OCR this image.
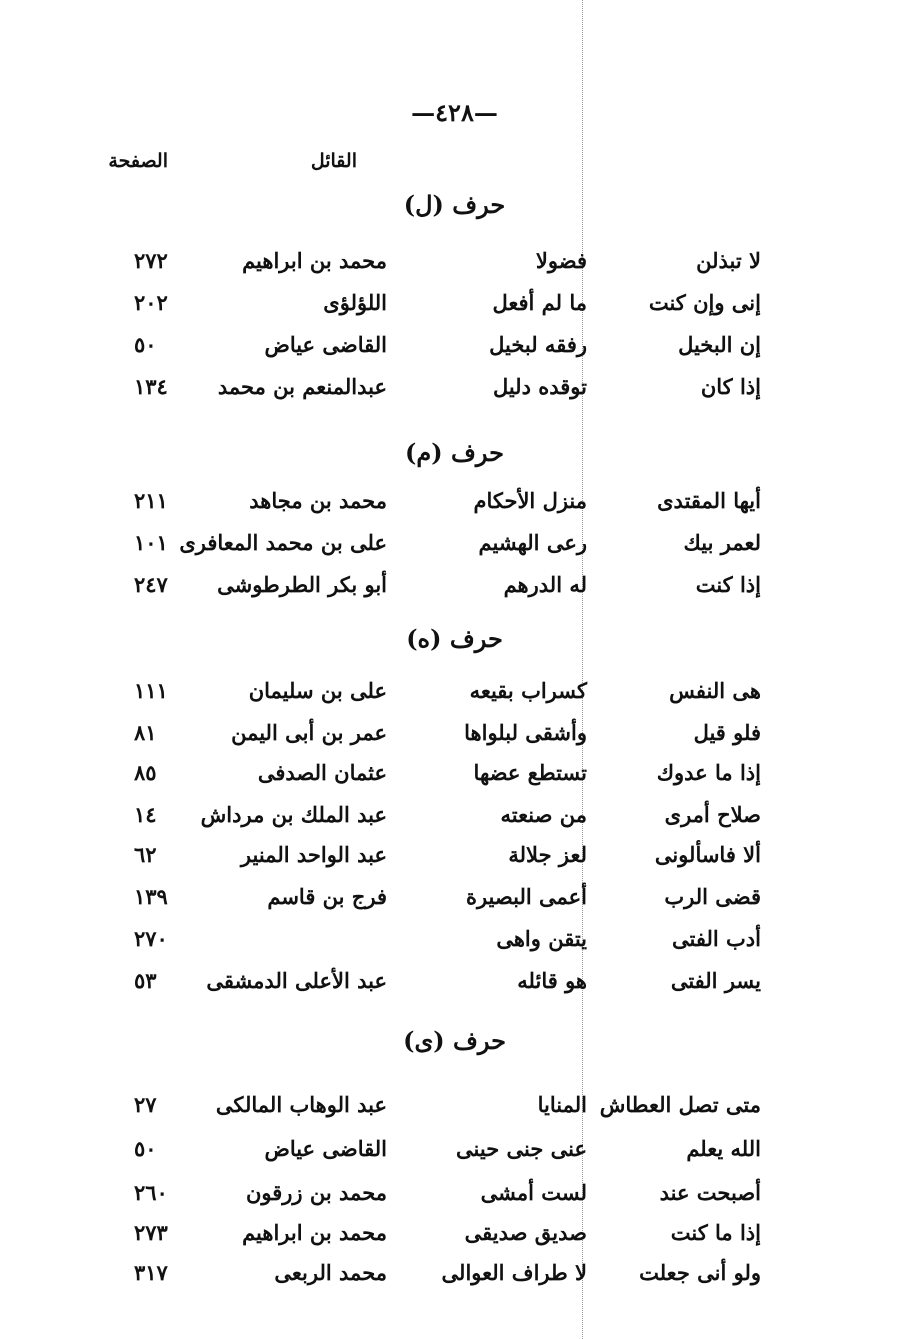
—٤٢٨—
القائل
الصفحة
حرف (ل)
لا تبذلن
فضولا
محمد بن ابراهيم
٢٧٢
إنى وإن كنت
ما لم أفعل
اللؤلؤى
٢٠٢
إن البخيل
رفقه لبخيل
القاضى عياض
٥٠
إذا كان
توقده دليل
عبدالمنعم بن محمد
١٣٤
حرف (م)
أيها المقتدى
منزل الأحكام
محمد بن مجاهد
٢١١
لعمر بيك
رعى الهشيم
على بن محمد المعافرى
١٠١
إذا كنت
له الدرهم
أبو بكر الطرطوشى
٢٤٧
حرف (ه)
هى النفس
كسراب بقيعه
على بن سليمان
١١١
فلو قيل
وأشقى لبلواها
عمر بن أبى اليمن
٨١
إذا ما عدوك
تستطع عضها
عثمان الصدفى
٨٥
صلاح أمرى
من صنعته
عبد الملك بن مرداش
١٤
ألا فاسألونى
لعز جلالة
عبد الواحد المنير
٦٢
قضى الرب
أعمى البصيرة
فرج بن قاسم
١٣٩
أدب الفتى
يتقن واهى
٢٧٠
يسر الفتى
هو قائله
عبد الأعلى الدمشقى
٥٣
حرف (ى)
متى تصل العطاش
المنايا
عبد الوهاب المالكى
٢٧
الله يعلم
عنى جنى حينى
القاضى عياض
٥٠
أصبحت عند
لست أمشى
محمد بن زرقون
٢٦٠
إذا ما كنت
صديق صديقى
محمد بن ابراهيم
٢٧٣
ولو أنى جعلت
لا طراف العوالى
محمد الربعى
٣١٧
